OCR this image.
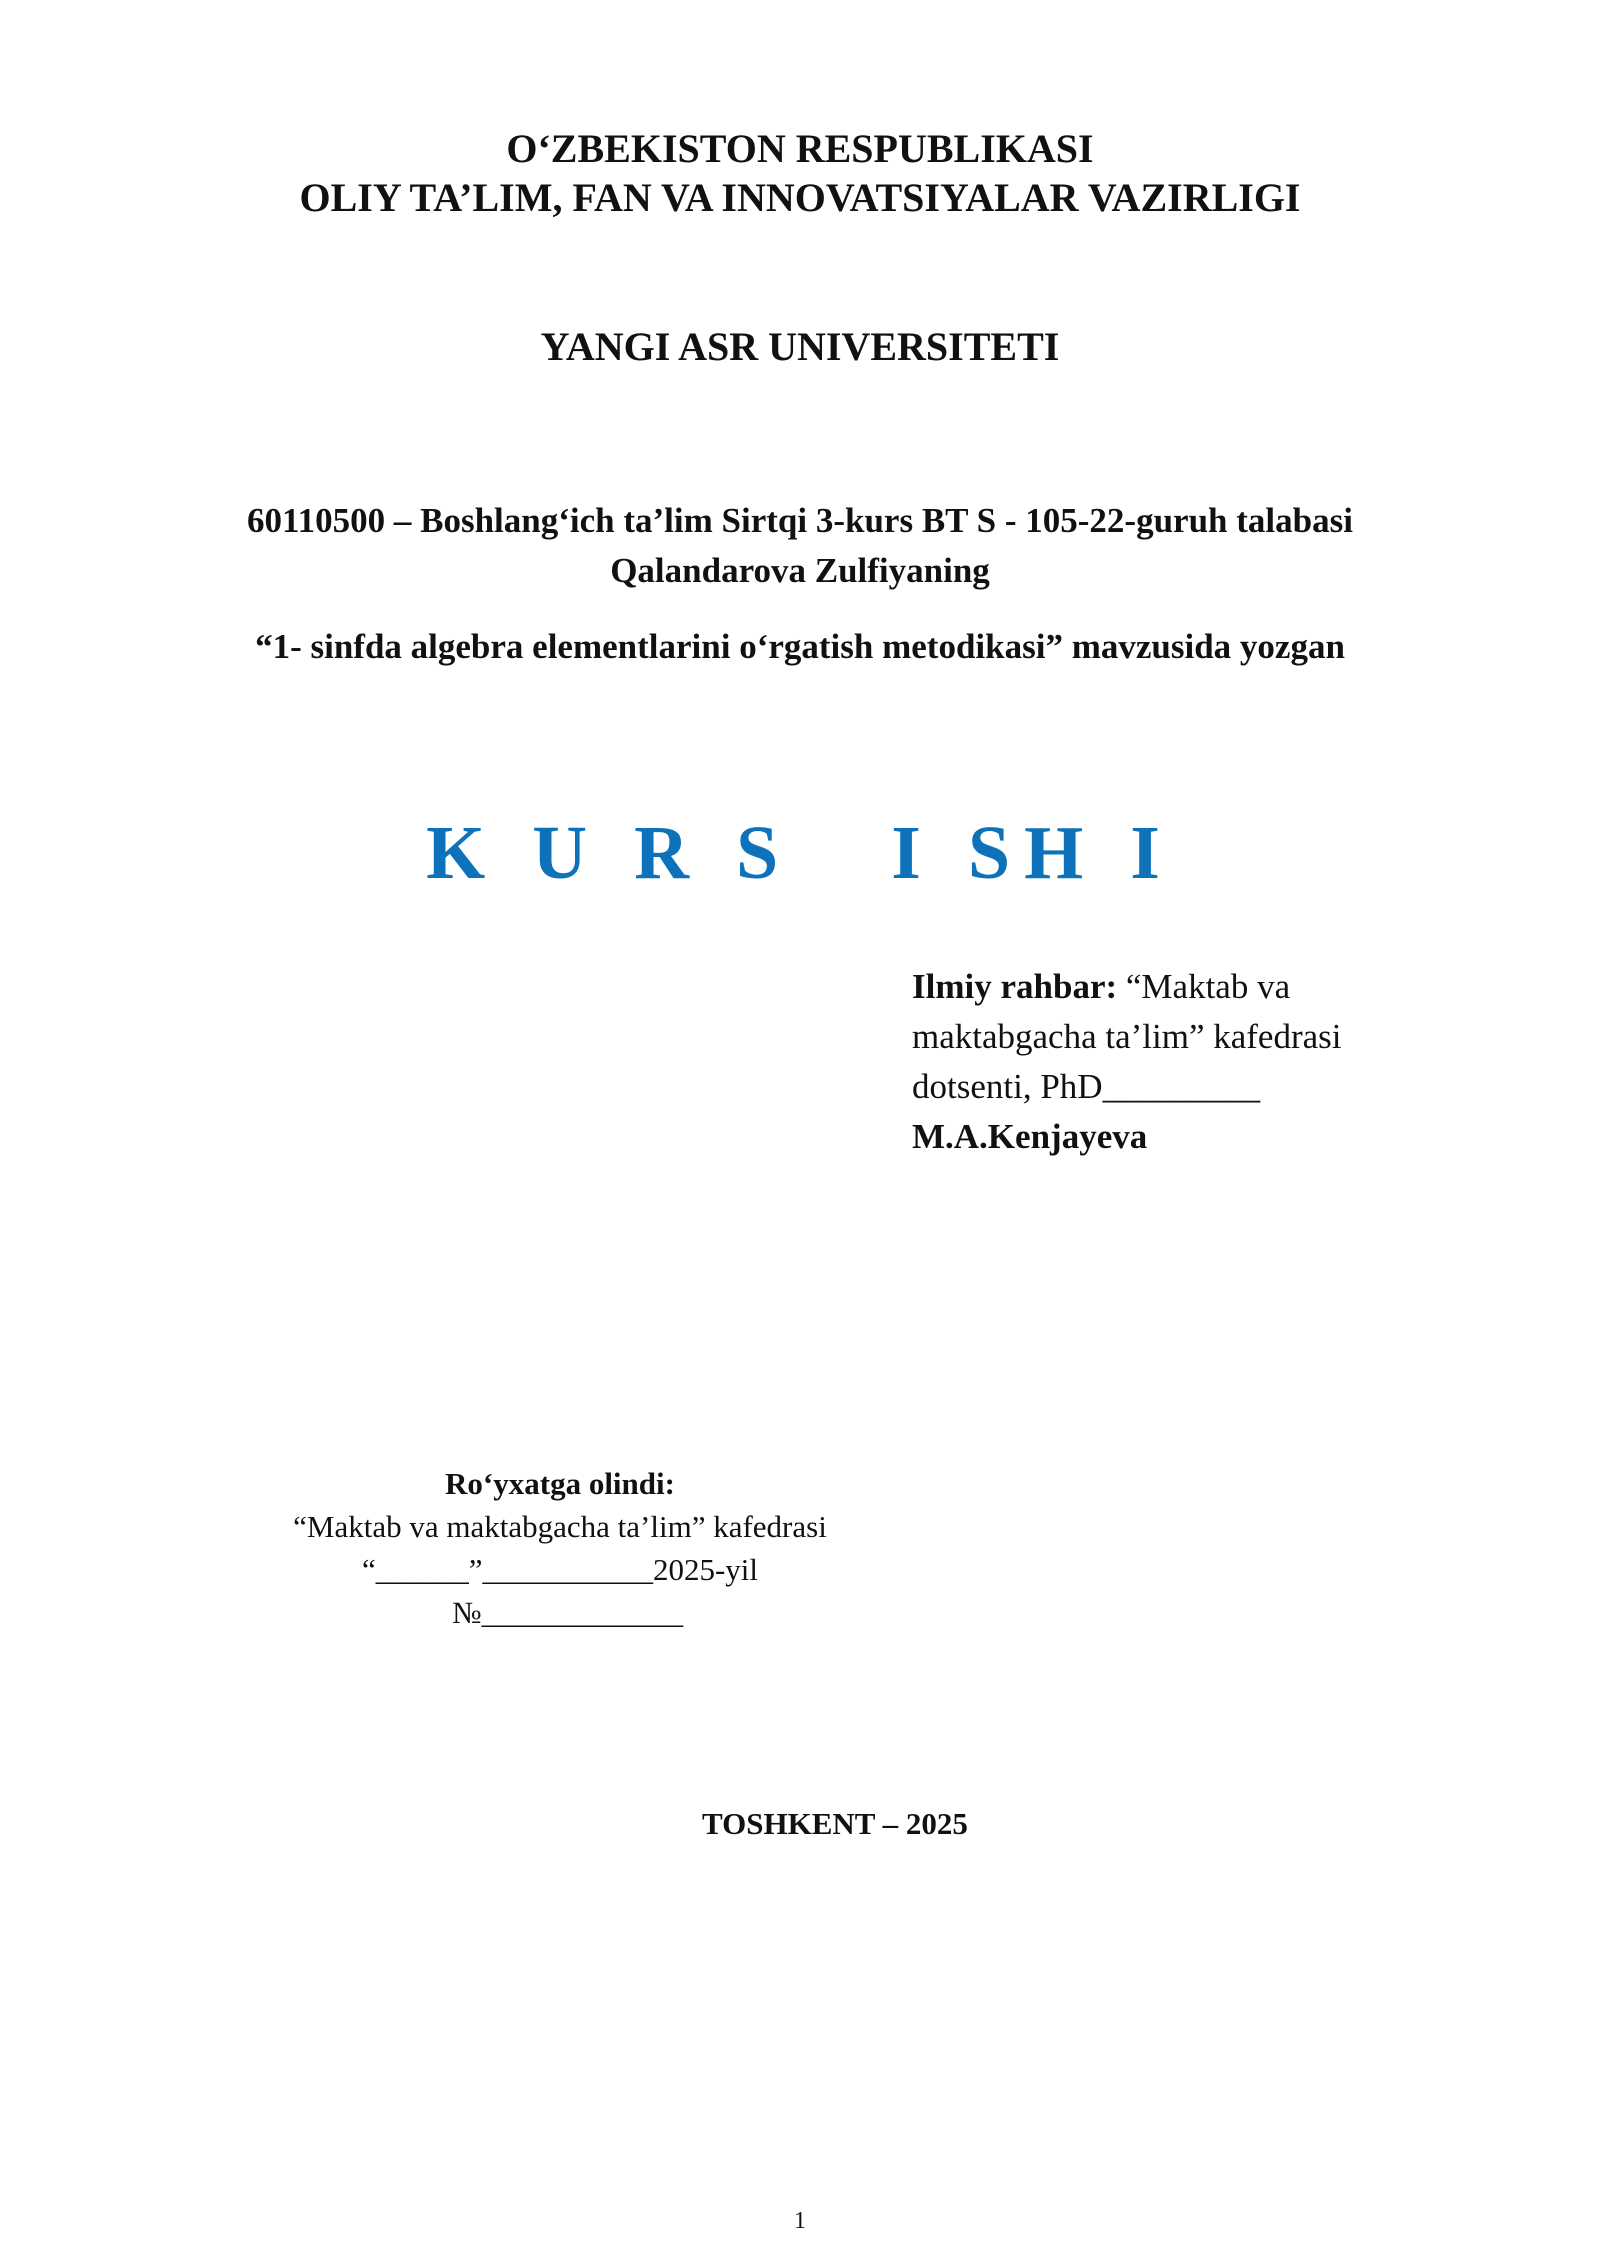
O‘ZBEKISTON RESPUBLIKASI
OLIY TA’LIM, FAN VA INNOVATSIYALAR VAZIRLIGI
YANGI ASR UNIVERSITETI
60110500 – Boshlang‘ich ta’lim Sirtqi 3-kurs BT S - 105-22-guruh talabasi
Qalandarova Zulfiyaning
“1- sinfda algebra elementlarini o‘rgatish metodikasi” mavzusida yozgan
K U R S   I SH I
Ilmiy rahbar: “Maktab va
maktabgacha ta’lim” kafedrasi
dotsenti, PhD_________
M.A.Kenjayeva
Ro‘yxatga olindi:
“Maktab va maktabgacha ta’lim” kafedrasi
“______”___________2025-yil
№_____________
TOSHKENT – 2025
1
